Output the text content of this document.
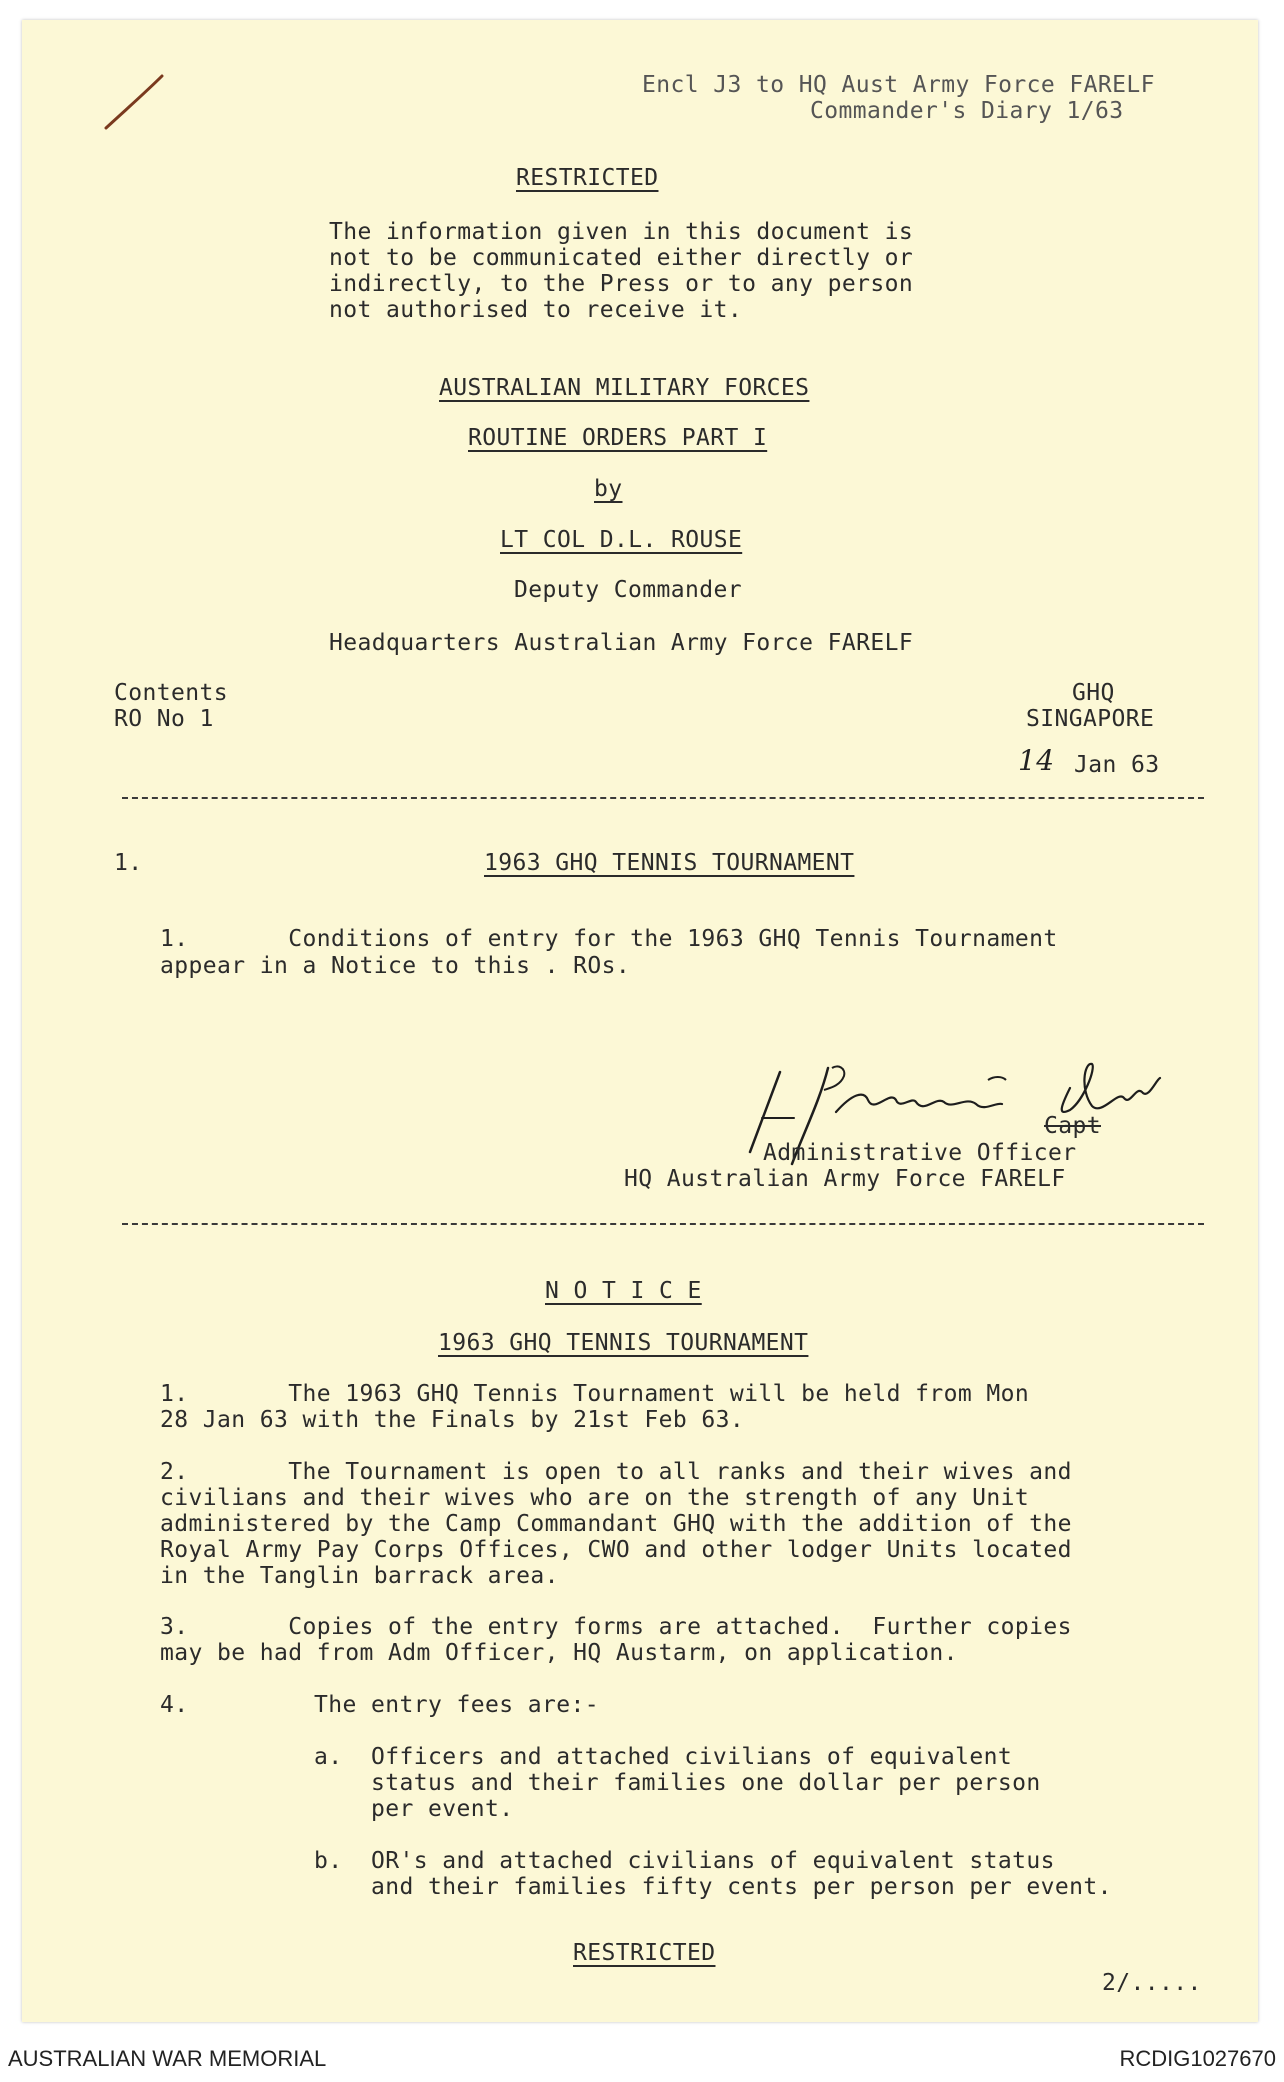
Encl J3 to HQ Aust Army Force FARELF
Commander's Diary 1/63
RESTRICTED
The information given in this document is
not to be communicated either directly or
indirectly, to the Press or to any person
not authorised to receive it.
AUSTRALIAN MILITARY FORCES
ROUTINE ORDERS PART I
by
LT COL D.L. ROUSE
Deputy Commander
Headquarters Australian Army Force FARELF
Contents
RO No 1
GHQ
SINGAPORE
14 Jan 63
1.	1963 GHQ TENNIS TOURNAMENT
1.       Conditions of entry for the 1963 GHQ Tennis Tournament
appear in a Notice to this . ROs.
Capt
Administrative Officer
HQ Australian Army Force FARELF
N O T I C E
1963 GHQ TENNIS TOURNAMENT
1.       The 1963 GHQ Tennis Tournament will be held from Mon
28 Jan 63 with the Finals by 21st Feb 63.
2.       The Tournament is open to all ranks and their wives and
civilians and their wives who are on the strength of any Unit
administered by the Camp Commandant GHQ with the addition of the
Royal Army Pay Corps Offices, CWO and other lodger Units located
in the Tanglin barrack area.
3.       Copies of the entry forms are attached.  Further copies
may be had from Adm Officer, HQ Austarm, on application.
4.	The entry fees are:-
a.  Officers and attached civilians of equivalent
status and their families one dollar per person
per event.
b.  OR's and attached civilians of equivalent status
and their families fifty cents per person per event.
RESTRICTED
2/.....
AUSTRALIAN WAR MEMORIAL	RCDIG1027670
